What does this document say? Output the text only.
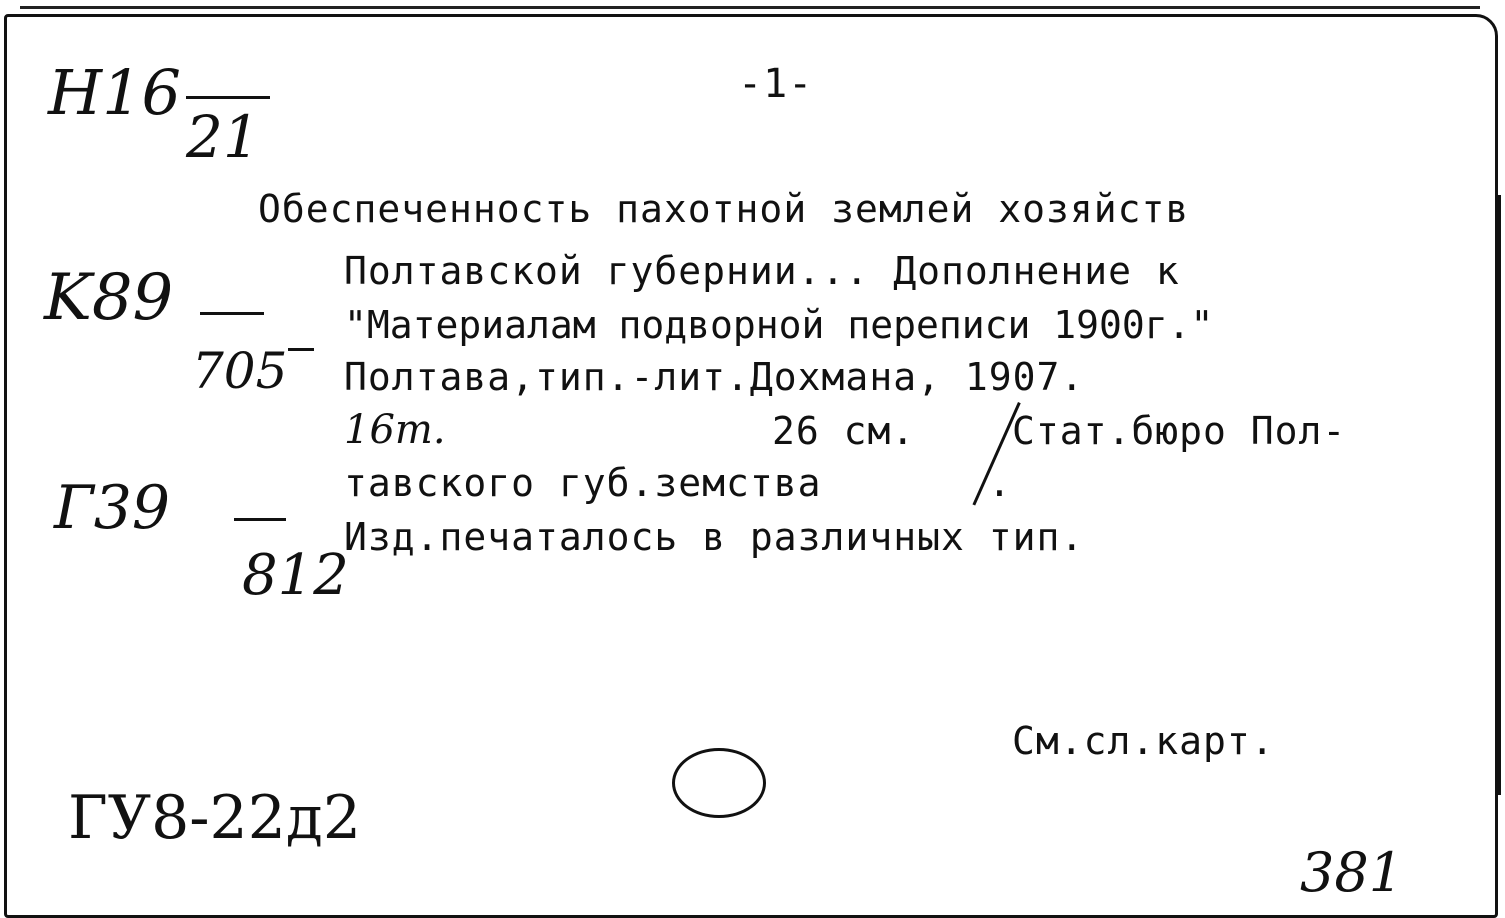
-1-
H16
21
K89
705
Г39
812
Обеспеченность пахотной землей хозяйств
Полтавской губернии... Дополнение к
"Материалам подворной переписи 1900г."
Полтава,тип.-лит.Дохмана, 1907.
16т.	26 см.	Стат.бюро Пол-
тавского губ.земства	.
Изд.печаталось в различных тип.
См.сл.карт.
ГУ8-22д2
381
